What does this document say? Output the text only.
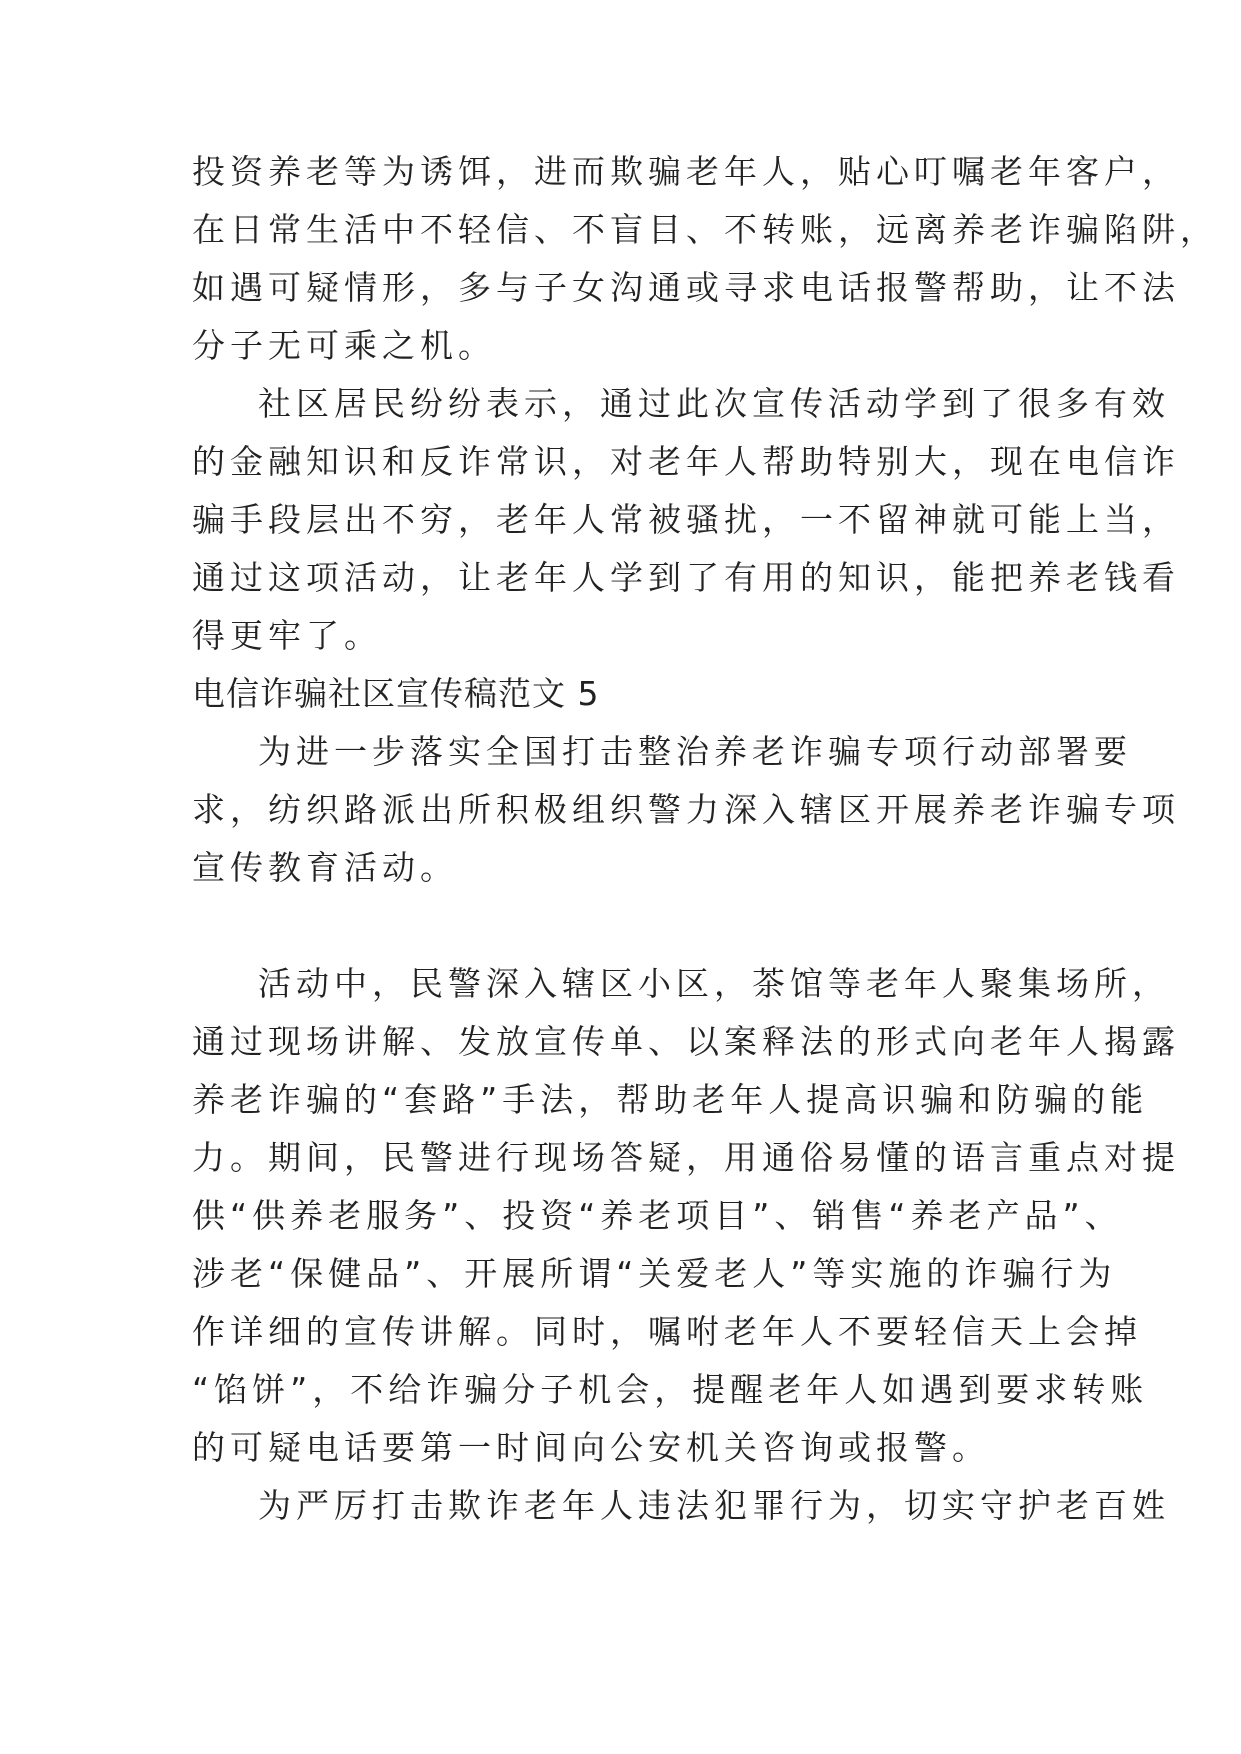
投资养老等为诱饵，进而欺骗老年人，贴心叮嘱老年客户，

在日常生活中不轻信、不盲目、不转账，远离养老诈骗陷阱，

如遇可疑情形，多与子女沟通或寻求电话报警帮助，让不法

分子无可乘之机。

社区居民纷纷表示，通过此次宣传活动学到了很多有效

的金融知识和反诈常识，对老年人帮助特别大，现在电信诈

骗手段层出不穷，老年人常被骚扰，一不留神就可能上当，

通过这项活动，让老年人学到了有用的知识，能把养老钱看

得更牢了。

电信诈骗社区宣传稿范文 5

为进一步落实全国打击整治养老诈骗专项行动部署要

求，纺织路派出所积极组织警力深入辖区开展养老诈骗专项

宣传教育活动。

活动中，民警深入辖区小区，茶馆等老年人聚集场所，

通过现场讲解、发放宣传单、以案释法的形式向老年人揭露

养老诈骗的“套路”手法，帮助老年人提高识骗和防骗的能

力。期间，民警进行现场答疑，用通俗易懂的语言重点对提

供“供养老服务”、投资“养老项目”、销售“养老产品”、

涉老“保健品”、开展所谓“关爱老人”等实施的诈骗行为

作详细的宣传讲解。同时，嘱咐老年人不要轻信天上会掉

“馅饼”，不给诈骗分子机会，提醒老年人如遇到要求转账

的可疑电话要第一时间向公安机关咨询或报警。

为严厉打击欺诈老年人违法犯罪行为，切实守护老百姓
